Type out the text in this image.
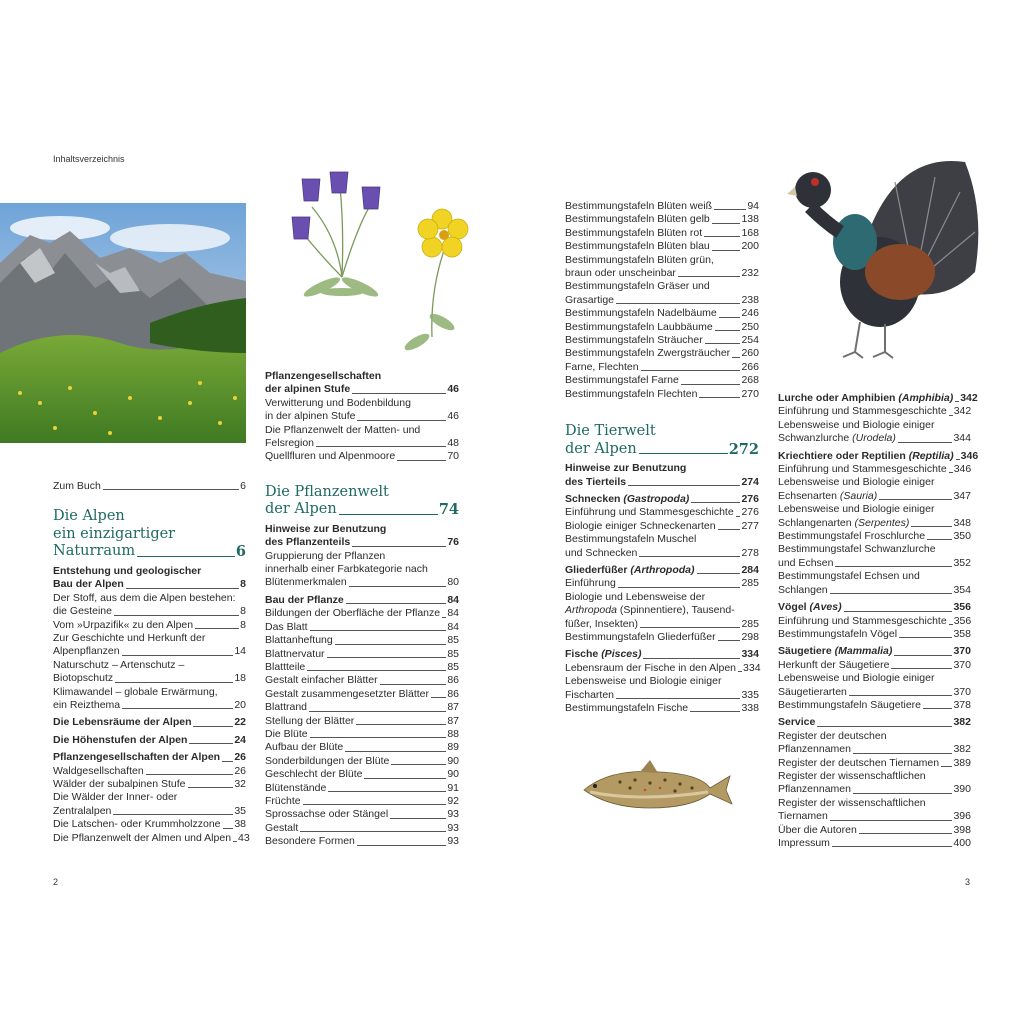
Inhaltsverzeichnis
2	3
Zum Buch	6
Die Alpen
ein einzigartiger
Naturraum	6
Entstehung und geologischer
Bau der Alpen	8
Der Stoff, aus dem die Alpen bestehen:
die Gesteine	8
Vom »Urpazifik« zu den Alpen	8
Zur Geschichte und Herkunft der
Alpenpflanzen	14
Naturschutz – Artenschutz –
Biotopschutz	18
Klimawandel – globale Erwärmung,
ein Reizthema	20
Die Lebensräume der Alpen	22
Die Höhenstufen der Alpen	24
Pflanzengesellschaften der Alpen 26
Waldgesellschaften	26
Wälder der subalpinen Stufe	32
Die Wälder der Inner- oder
Zentralalpen	35
Die Latschen- oder Krummholzzone 38
Die Pflanzenwelt der Almen und Alpen 43
Pflanzengesellschaften
der alpinen Stufe	46
Verwitterung und Bodenbildung
in der alpinen Stufe	46
Die Pflanzenwelt der Matten- und
Felsregion	48
Quellfluren und Alpenmoore	70
Die Pflanzenwelt
der Alpen	74
Hinweise zur Benutzung
des Pflanzenteils	76
Gruppierung der Pflanzen
innerhalb einer Farbkategorie nach
Blütenmerkmalen	80
Bau der Pflanze	84
Bildungen der Oberfläche der Pflanze 84
Das Blatt	84
Blattanheftung	85
Blattnervatur	85
Blattteile	85
Gestalt einfacher Blätter	86
Gestalt zusammengesetzter Blätter 86
Blattrand	87
Stellung der Blätter	87
Die Blüte	88
Aufbau der Blüte	89
Sonderbildungen der Blüte	90
Geschlecht der Blüte	90
Blütenstände	91
Früchte	92
Sprossachse oder Stängel	93
Gestalt	93
Besondere Formen	93
Bestimmungstafeln Blüten weiß	94
Bestimmungstafeln Blüten gelb	138
Bestimmungstafeln Blüten rot	168
Bestimmungstafeln Blüten blau	200
Bestimmungstafeln Blüten grün,
braun oder unscheinbar	232
Bestimmungstafeln Gräser und
Grasartige	238
Bestimmungstafeln Nadelbäume 246
Bestimmungstafeln Laubbäume	250
Bestimmungstafeln Sträucher	254
Bestimmungstafeln Zwergsträucher 260
Farne, Flechten	266
Bestimmungstafel Farne	268
Bestimmungstafeln Flechten	270
Die Tierwelt
der Alpen	272
Hinweise zur Benutzung
des Tierteils	274
Schnecken (Gastropoda)	276
Einführung und Stammesgeschichte 276
Biologie einiger Schneckenarten 277
Bestimmungstafeln Muschel
und Schnecken	278
Gliederfüßer (Arthropoda)	284
Einführung	285
Biologie und Lebensweise der
Arthropoda (Spinnentiere), Tausend-
füßer, Insekten)	285
Bestimmungstafeln Gliederfüßer 298
Fische (Pisces)	334
Lebensraum der Fische in den Alpen 334
Lebensweise und Biologie einiger
Fischarten	335
Bestimmungstafeln Fische	338
Lurche oder Amphibien (Amphibia) 342
Einführung und Stammesgeschichte 342
Lebensweise und Biologie einiger
Schwanzlurche (Urodela)	344
Kriechtiere oder Reptilien (Reptilia) 346
Einführung und Stammesgeschichte 346
Lebensweise und Biologie einiger
Echsenarten (Sauria)	347
Lebensweise und Biologie einiger
Schlangenarten (Serpentes)	348
Bestimmungstafel Froschlurche	350
Bestimmungstafel Schwanzlurche
und Echsen	352
Bestimmungstafel Echsen und
Schlangen	354
Vögel (Aves)	356
Einführung und Stammesgeschichte 356
Bestimmungstafeln Vögel	358
Säugetiere (Mammalia)	370
Herkunft der Säugetiere	370
Lebensweise und Biologie einiger
Säugetierarten	370
Bestimmungstafeln Säugetiere	378
Service	382
Register der deutschen
Pflanzennamen	382
Register der deutschen Tiernamen 389
Register der wissenschaftlichen
Pflanzennamen	390
Register der wissenschaftlichen
Tiernamen	396
Über die Autoren	398
Impressum	400
